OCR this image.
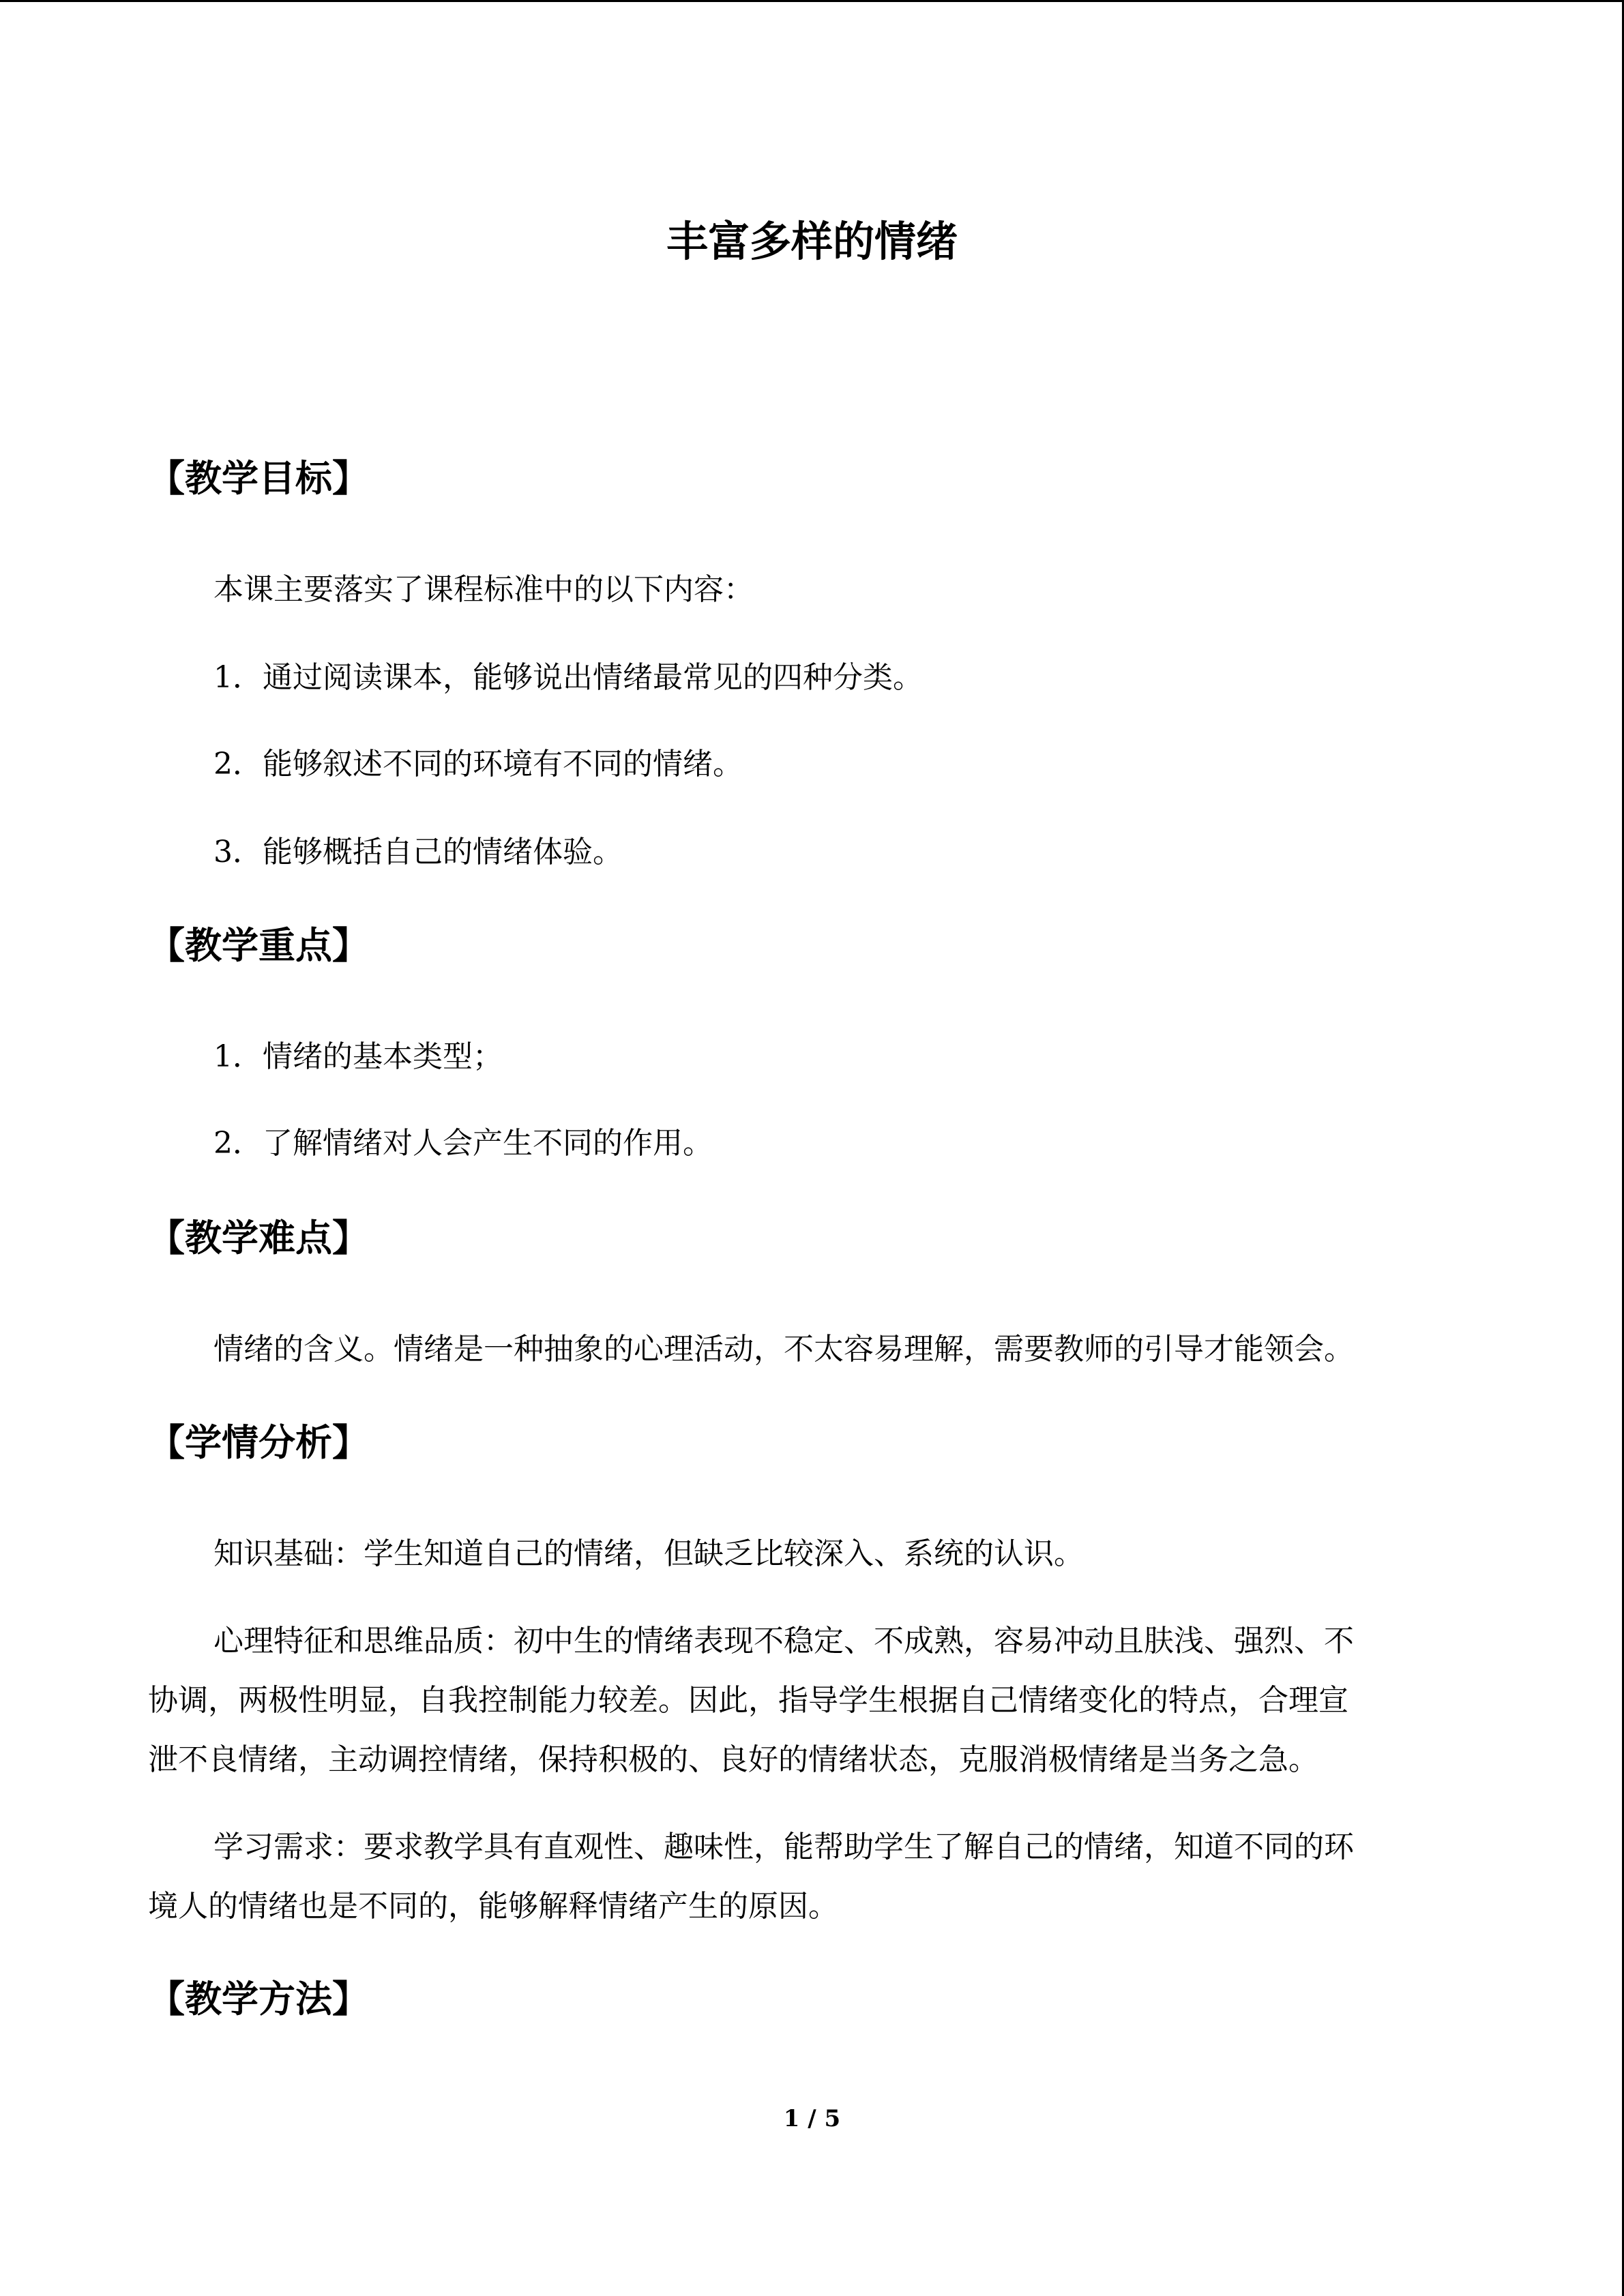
丰富多样的情绪
【教学目标】

本课主要落实了课程标准中的以下内容：

1．通过阅读课本，能够说出情绪最常见的四种分类。

2．能够叙述不同的环境有不同的情绪。

3．能够概括自己的情绪体验。

【教学重点】

1．情绪的基本类型；

2．了解情绪对人会产生不同的作用。

【教学难点】

情绪的含义。情绪是一种抽象的心理活动，不太容易理解，需要教师的引导才能领会。

【学情分析】

知识基础：学生知道自己的情绪，但缺乏比较深入、系统的认识。

心理特征和思维品质：初中生的情绪表现不稳定、不成熟，容易冲动且肤浅、强烈、不

协调，两极性明显，自我控制能力较差。因此，指导学生根据自己情绪变化的特点，合理宣

泄不良情绪，主动调控情绪，保持积极的、良好的情绪状态，克服消极情绪是当务之急。

学习需求：要求教学具有直观性、趣味性，能帮助学生了解自己的情绪，知道不同的环

境人的情绪也是不同的，能够解释情绪产生的原因。

【教学方法】
1 / 5
